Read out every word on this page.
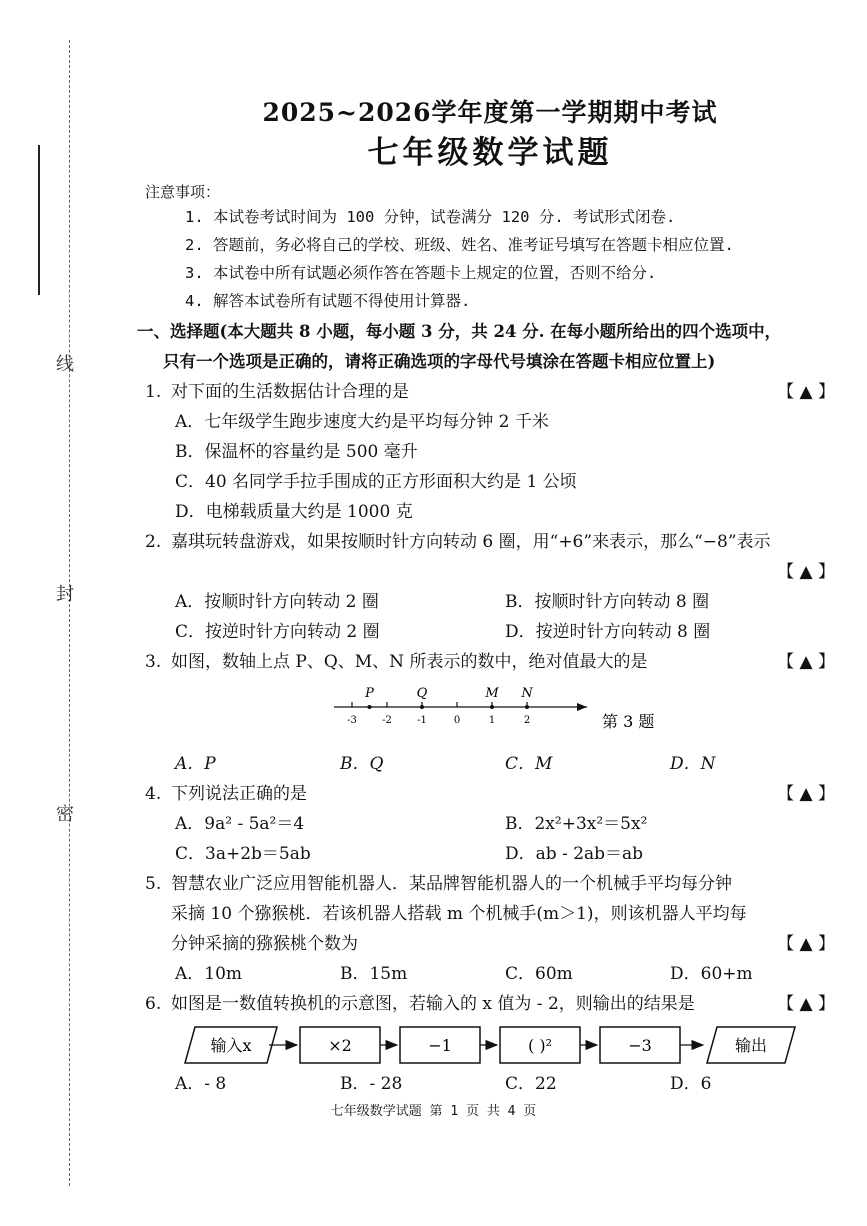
线
封
密
2025~2026学年度第一学期期中考试
七年级数学试题
注意事项：
1. 本试卷考试时间为 100 分钟，试卷满分 120 分. 考试形式闭卷.
2. 答题前，务必将自己的学校、班级、姓名、准考证号填写在答题卡相应位置.
3. 本试卷中所有试题必须作答在答题卡上规定的位置，否则不给分.
4. 解答本试卷所有试题不得使用计算器.
一、选择题(本大题共 8 小题，每小题 3 分，共 24 分. 在每小题所给出的四个选项中，
只有一个选项是正确的，请将正确选项的字母代号填涂在答题卡相应位置上)
【 ▲ 】
1. 对下面的生活数据估计合理的是
A．七年级学生跑步速度大约是平均每分钟 2 千米
B．保温杯的容量约是 500 毫升
C．40 名同学手拉手围成的正方形面积大约是 1 公顷
D．电梯载质量大约是 1000 克
2. 嘉琪玩转盘游戏，如果按顺时针方向转动 6 圈，用“+6”来表示，那么“−8”表示
【 ▲ 】
A．按顺时针方向转动 2 圈	B．按顺时针方向转动 8 圈
C．按逆时针方向转动 2 圈	D．按逆时针方向转动 8 圈
【 ▲ 】
3. 如图，数轴上点 P、Q、M、N 所表示的数中，绝对值最大的是
-3	-2	-1	0	1	2
P	Q	M N
第 3 题
A．P	B．Q	C．M	D．N
【 ▲ 】
4. 下列说法正确的是
A．9a² - 5a²＝4	B．2x²+3x²＝5x²
C．3a+2b＝5ab	D．ab - 2ab＝ab
5. 智慧农业广泛应用智能机器人．某品牌智能机器人的一个机械手平均每分钟采摘 10 个猕猴桃．若该机器人搭载 m 个机械手(m＞1)，则该机器人平均每分钟采摘的猕猴桃个数为	【 ▲ 】
A．10m	B．15m	C．60m	D．60+m
【 ▲ 】
6. 如图是一数值转换机的示意图，若输入的 x 值为 - 2，则输出的结果是
输入x	×2	−1	( )²	−3	输出
A．- 8	B．- 28	C．22	D．6
七年级数学试题 第 1 页 共 4 页
